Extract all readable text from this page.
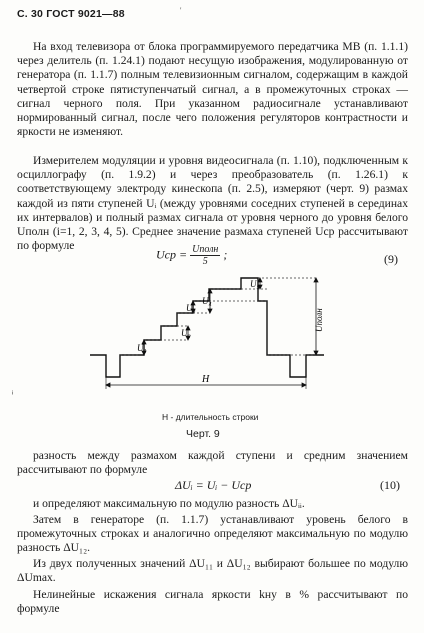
С. 30 ГОСТ 9021—88	'

На вход телевизора от блока программируемого передатчика МВ (п. 1.1.1) через делитель (п. 1.24.1) подают несущую изображения, модулированную от генератора (п. 1.1.7) полным телевизионным сигналом, содержащим в каждой четвертой строке пятиступенчатый сигнал, а в промежуточных строках — сигнал черного поля. При указанном радиосигнале устанавливают нормированный сигнал, после чего положения регуляторов контрастности и яркости не изменяют.

Измерителем модуляции и уровня видеосигнала (п. 1.10), подключенным к осциллографу (п. 1.9.2) и через преобразователь (п. 1.26.1) к соответствующему электроду кинескопа (п. 2.5), измеряют (черт. 9) размах каждой из пяти ступеней Uᵢ (между уровнями соседних ступеней в серединах их интервалов) и полный размах сигнала от уровня черного до уровня белого Uполн (i=1, 2, 3, 4, 5). Среднее значение размаха ступеней Uср рассчитывают по формуле

Uср = $\frac{\text{Uполн}}{5}$ ;	(9)
U₁
U₂
U₃
U₄
U₅
Uполн
H
ᵢ
H - длительность строки
Черт. 9

разность между размахом каждой ступени и средним значением рассчитывают по формуле

ΔUᵢ = Uᵢ − Uср	(10)

и определяют максимальную по модулю разность ΔUᵢᵢ.

Затем в генераторе (п. 1.1.7) устанавливают уровень белого в промежуточных строках и аналогично определяют максимальную по модулю разность ΔU₁₂.

Из двух полученных значений ΔU₁₁ и ΔU₁₂ выбирают большее по модулю ΔUmax.

Нелинейные искажения сигнала яркости kнy в % рассчитывают по формуле
